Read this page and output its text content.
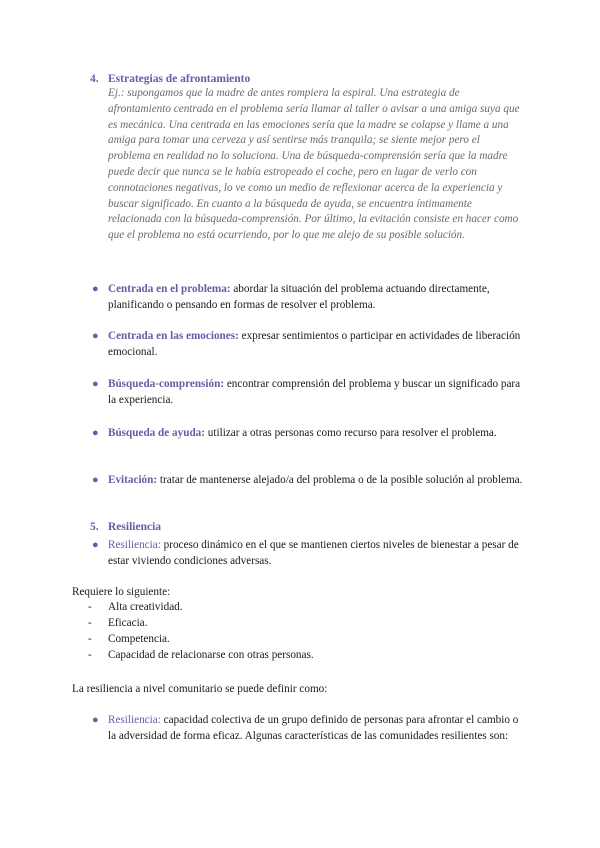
4. Estrategias de afrontamiento
Ej.: supongamos que la madre de antes rompiera la espiral. Una estrategia de afrontamiento centrada en el problema sería llamar al taller o avisar a una amiga suya que es mecánica. Una centrada en las emociones sería que la madre se colapse y llame a una amiga para tomar una cerveza y así sentirse más tranquila; se siente mejor pero el problema en realidad no lo soluciona. Una de búsqueda-comprensión sería que la madre puede decir que nunca se le había estropeado el coche, pero en lugar de verlo con connotaciones negativas, lo ve como un medio de reflexionar acerca de la experiencia y buscar significado. En cuanto a la búsqueda de ayuda, se encuentra íntimamente relacionada con la búsqueda-comprensión. Por último, la evitación consiste en hacer como que el problema no está ocurriendo, por lo que me alejo de su posible solución.
● Centrada en el problema: abordar la situación del problema actuando directamente, planificando o pensando en formas de resolver el problema.
● Centrada en las emociones: expresar sentimientos o participar en actividades de liberación emocional.
● Búsqueda-comprensión: encontrar comprensión del problema y buscar un significado para la experiencia.
● Búsqueda de ayuda: utilizar a otras personas como recurso para resolver el problema.
● Evitación: tratar de mantenerse alejado/a del problema o de la posible solución al problema.
5. Resiliencia
● Resiliencia: proceso dinámico en el que se mantienen ciertos niveles de bienestar a pesar de estar viviendo condiciones adversas.
Requiere lo siguiente:
- Alta creatividad.
- Eficacia.
- Competencia.
- Capacidad de relacionarse con otras personas.
La resiliencia a nivel comunitario se puede definir como:
● Resiliencia: capacidad colectiva de un grupo definido de personas para afrontar el cambio o la adversidad de forma eficaz. Algunas características de las comunidades resilientes son:
